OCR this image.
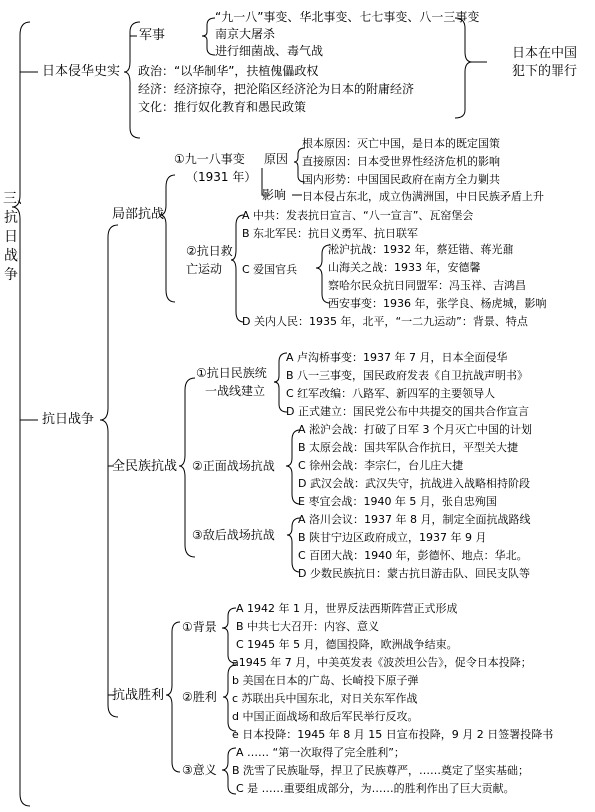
三、抗日战争
日本侵华史实
军事
“九一八”事变、华北事变、七七事变、八一三事变
南京大屠杀
进行细菌战、毒气战
政治：“以华制华”，扶植傀儡政权
经济：经济掠夺，把沦陷区经济沦为日本的附庸经济
文化：推行奴化教育和愚民政策
日本在中国
犯下的罪行
抗日战争
局部抗战
①九一八事变
（1931 年）
原因
根本原因：灭亡中国，是日本的既定国策
直接原因：日本受世界性经济危机的影响
国内形势：中国国民政府在南方全力剿共
影响 日本侵占东北，成立伪满洲国，中日民族矛盾上升
②抗日救
亡运动
A 中共：发表抗日宣言、“八一宣言”、瓦窑堡会
B 东北军民：抗日义勇军、抗日联军
C 爱国官兵
淞沪抗战：1932 年，蔡廷锴、蒋光鼐
山海关之战：1933 年，安德馨
察哈尔民众抗日同盟军：冯玉祥、吉鸿昌
西安事变：1936 年，张学良、杨虎城，影响
D 关内人民：1935 年，北平，“一二九运动”：背景、特点
全民族抗战
①抗日民族统
一战线建立
A 卢沟桥事变：1937 年 7 月，日本全面侵华
B 八一三事变，国民政府发表《自卫抗战声明书》
C 红军改编：八路军、新四军的主要领导人
D 正式建立：国民党公布中共提交的国共合作宣言
②正面战场抗战
A 淞沪会战：打破了日军 3 个月灭亡中国的计划
B 太原会战：国共军队合作抗日，平型关大捷
C 徐州会战：李宗仁，台儿庄大捷
D 武汉会战：武汉失守，抗战进入战略相持阶段
E 枣宜会战：1940 年 5 月，张自忠殉国
③敌后战场抗战
A 洛川会议：1937 年 8 月，制定全面抗战路线
B 陕甘宁边区政府成立，1937 年 9 月
C 百团大战：1940 年，彭德怀、地点：华北。
D 少数民族抗日：蒙古抗日游击队、回民支队等
抗战胜利
①背景
A 1942 年 1 月，世界反法西斯阵营正式形成
B 中共七大召开：内容、意义
C 1945 年 5 月，德国投降，欧洲战争结束。
a1945 年 7 月，中美英发表《波茨坦公告》，促令日本投降；
②胜利
b 美国在日本的广岛、长崎投下原子弹
c 苏联出兵中国东北，对日关东军作战
d 中国正面战场和敌后军民举行反攻。
e 日本投降：1945 年 8 月 15 日宣布投降，9 月 2 日签署投降书
③意义
A …… “第一次取得了完全胜利”；
B 洗雪了民族耻辱，捍卫了民族尊严，……奠定了坚实基础；
C 是 ……重要组成部分，为……的胜利作出了巨大贡献。
